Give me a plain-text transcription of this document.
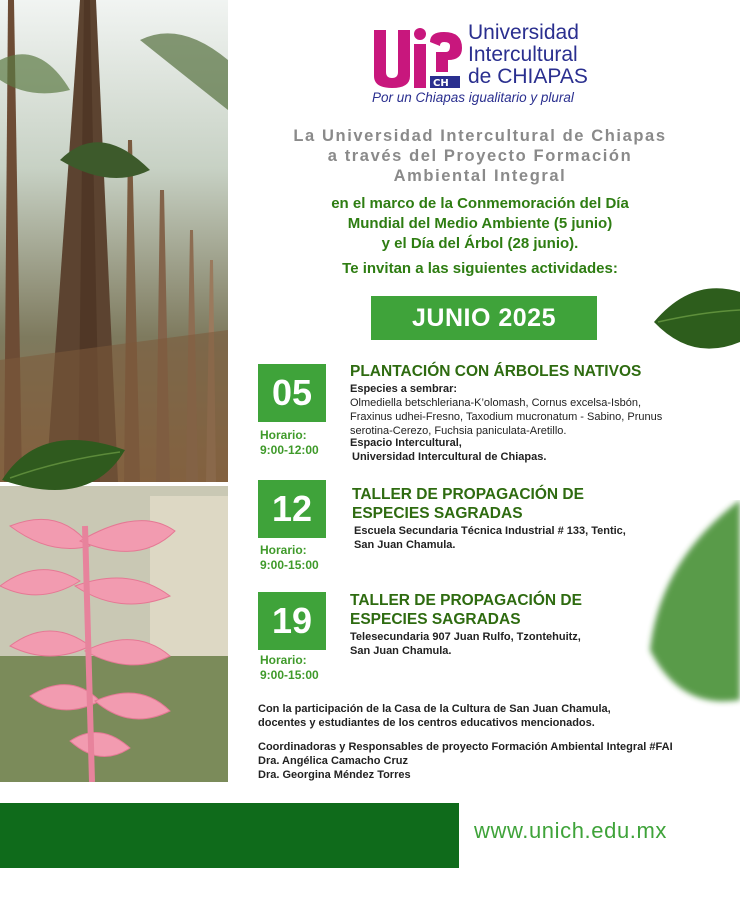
CH
Universidad
Intercultural
de CHIAPAS
Por un Chiapas igualitario y plural
La Universidad Intercultural de Chiapas
a través del Proyecto Formación
Ambiental Integral
en el marco de la Conmemoración del Día
Mundial del Medio Ambiente (5 junio)
y el Día del Árbol (28 junio).
Te invitan a las siguientes actividades:
JUNIO 2025
05
Horario:
9:00-12:00
PLANTACIÓN CON ÁRBOLES NATIVOS
Especies a sembrar:
Olmediella betschleriana-K’olomash, Cornus excelsa-Isbón,
Fraxinus udhei-Fresno, Taxodium mucronatum - Sabino, Prunus
serotina-Cerezo, Fuchsia paniculata-Aretillo.
Espacio Intercultural,
Universidad Intercultural de Chiapas.
12
Horario:
9:00-15:00
TALLER DE PROPAGACIÓN DE
ESPECIES SAGRADAS
Escuela Secundaria Técnica Industrial # 133, Tentic,
San Juan Chamula.
19
Horario:
9:00-15:00
TALLER DE PROPAGACIÓN DE
ESPECIES SAGRADAS
Telesecundaria 907 Juan Rulfo, Tzontehuitz,
San Juan Chamula.
Con la participación de la Casa de la Cultura de San Juan Chamula,
docentes y estudiantes de los centros educativos mencionados.
Coordinadoras y Responsables de proyecto Formación Ambiental Integral #FAI
Dra. Angélica Camacho Cruz
Dra. Georgina Méndez Torres
www.unich.edu.mx
